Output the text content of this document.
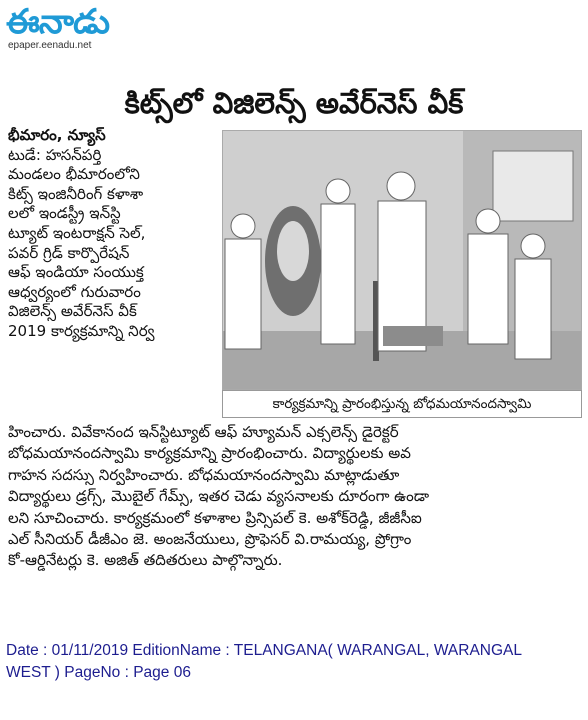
ఈనాడు
epaper.eenadu.net
కిట్స్‌లో విజిలెన్స్ అవేర్‌నెస్ వీక్
భీమారం, న్యూస్
టుడే: హసన్‌పర్తి
మండలం భీమారంలోని
కిట్స్ ఇంజినీరింగ్ కళాశా
లలో ఇండస్ట్రీ ఇన్‌స్టి
ట్యూట్ ఇంటరాక్షన్ సెల్,
పవర్ గ్రిడ్ కార్పొరేషన్
ఆఫ్ ఇండియా సంయుక్త
ఆధ్వర్యంలో గురువారం
విజిలెన్స్ అవేర్‌నెస్ వీక్
2019 కార్యక్రమాన్ని నిర్వ
కార్యక్రమాన్ని ప్రారంభిస్తున్న బోధమయానందస్వామి
హించారు. వివేకానంద ఇన్‌స్టిట్యూట్ ఆఫ్ హ్యూమన్ ఎక్సలెన్స్ డైరెక్టర్
బోధమయానందస్వామి కార్యక్రమాన్ని ప్రారంభించారు. విద్యార్థులకు అవ
గాహన సదస్సు నిర్వహించారు. బోధమయానందస్వామి మాట్లాడుతూ
విద్యార్థులు డ్రగ్స్, మొబైల్ గేమ్స్, ఇతర చెడు వ్యసనాలకు దూరంగా ఉండా
లని సూచించారు. కార్యక్రమంలో కళాశాల ప్రిన్సిపల్ కె. అశోక్‌రెడ్డి, జీజీసీఐ
ఎల్ సీనియర్ డీజీఎం జె. అంజనేయులు, ప్రొఫెసర్ వి.రామయ్య, ప్రోగ్రాం
కో-ఆర్డినేటర్లు కె. అజిత్ తదితరులు పాల్గొన్నారు.
Date : 01/11/2019 EditionName : TELANGANA( WARANGAL, WARANGAL
WEST ) PageNo : Page 06
